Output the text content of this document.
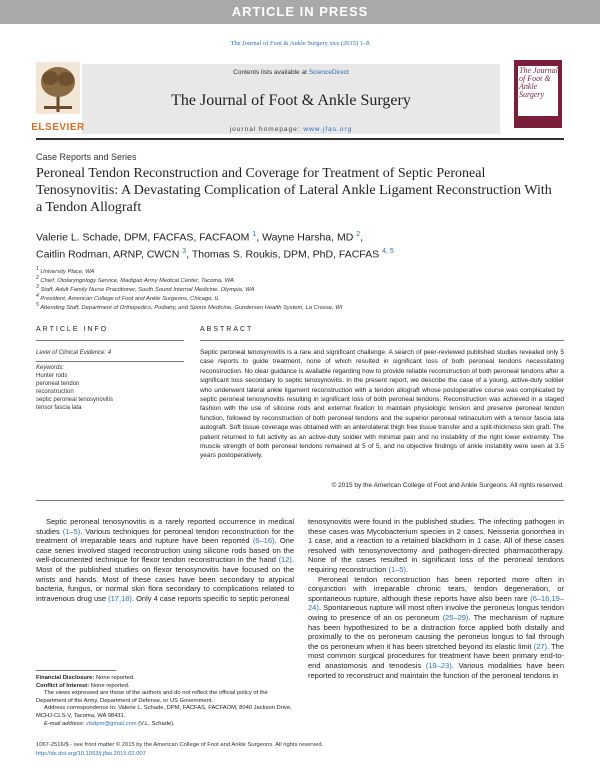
ARTICLE IN PRESS
The Journal of Foot & Ankle Surgery xxx (2015) 1–8
ELSEVIER
Contents lists available at ScienceDirect
The Journal of Foot & Ankle Surgery
journal homepage: www.jfas.org
The Journal of Foot & Ankle Surgery
Case Reports and Series
Peroneal Tendon Reconstruction and Coverage for Treatment of Septic Peroneal Tenosynovitis: A Devastating Complication of Lateral Ankle Ligament Reconstruction With a Tendon Allograft
Valerie L. Schade, DPM, FACFAS, FACFAOM $^1$, Wayne Harsha, MD $^2$,
Caitlin Rodman, ARNP, CWCN $^3$, Thomas S. Roukis, DPM, PhD, FACFAS $^{4, 5}$
$^1$ University Place, WA
$^2$ Chief, Otolaryngology Service, Madigan Army Medical Center, Tacoma, WA
$^3$ Staff, Adult Family Nurse Practitioner, South Sound Internal Medicine, Olympia, WA
$^4$ President, American College of Foot and Ankle Surgeons, Chicago, IL
$^5$ Attending Staff, Department of Orthopedics, Podiatry, and Sports Medicine, Gundersen Health System, La Crosse, WI
ARTICLE INFO	ABSTRACT
Level of Clinical Evidence: 4
Keywords:
Hunter rods
peroneal tendon
reconstruction
septic peroneal tenosynovitis
tensor fascia lata
Septic peroneal tenosynovitis is a rare and significant challenge. A search of peer-reviewed published studies revealed only 5 case reports to guide treatment, none of which resulted in significant loss of both peroneal tendons necessitating reconstruction. No clear guidance is available regarding how to provide reliable reconstruction of both peroneal tendons after a significant loss secondary to septic tenosynovitis. In the present report, we describe the case of a young, active-duty soldier who underwent lateral ankle ligament reconstruction with a tendon allograft whose postoperative course was complicated by septic peroneal tenosynovitis resulting in significant loss of both peroneal tendons. Reconstruction was achieved in a staged fashion with the use of silicone rods and external fixation to maintain physiologic tension and preserve peroneal tendon function, followed by reconstruction of both peroneal tendons and the superior peroneal retinaculum with a tensor fascia lata autograft. Soft tissue coverage was obtained with an anterolateral thigh free tissue transfer and a split-thickness skin graft. The patient returned to full activity as an active-duty soldier with minimal pain and no instability of the right lower extremity. The muscle strength of both peroneal tendons remained at 5 of 5, and no objective findings of ankle instability were seen at 3.5 years postoperatively.
© 2015 by the American College of Foot and Ankle Surgeons. All rights reserved.

Septic peroneal tenosynovitis is a rarely reported occurrence in medical studies (1–5). Various techniques for peroneal tendon reconstruction for the treatment of irreparable tears and rupture have been reported (6–16). One case series involved staged reconstruction using silicone rods based on the well-documented technique for flexor tendon reconstruction in the hand (12). Most of the published studies on flexor tenosynovitis have focused on the wrists and hands. Most of these cases have been secondary to atypical bacteria, fungus, or normal skin flora secondary to complications related to intravenous drug use (17,18). Only 4 case reports specific to septic peroneal

tenosynovitis were found in the published studies. The infecting pathogen in these cases was Mycobacterium species in 2 cases, Neisseria gonorrhea in 1 case, and a reaction to a retained blackthorn in 1 case. All of these cases resolved with tenosynovectomy and pathogen-directed pharmacotherapy. None of the cases resulted in significant loss of the peroneal tendons requiring reconstruction (1–5).

Peroneal tendon reconstruction has been reported more often in conjunction with irreparable chronic tears, tendon degeneration, or spontaneous rupture, although these reports have also been rare (6–16,19–24). Spontaneous rupture will most often involve the peroneus longus tendon owing to presence of an os peroneum (25–29). The mechanism of rupture has been hypothesized to be a distraction force applied both distally and proximally to the os peroneum causing the peroneus longus to fail through the os peroneum when it has been stretched beyond its elastic limit (27). The most common surgical procedures for treatment have been primary end-to-end anastomosis and tenodesis (19–23). Various modalities have been reported to reconstruct and maintain the function of the peroneal tendons in

Financial Disclosure: None reported.
Conflict of Interest: None reported.
The views expressed are those of the authors and do not reflect the official policy of the Department of the Army, Department of Defense, or US Government.
Address correspondence to: Valerie L. Schade, DPM, FACFAS, FACFAOM, 8040 Jackson Drive, MCHJ-CLS-V, Tacoma, WA 98431.
E-mail address: vlsdpm@gmail.com (V.L. Schade).
1067-2516/$ - see front matter © 2015 by the American College of Foot and Ankle Surgeons. All rights reserved.
http://dx.doi.org/10.1053/j.jfas.2015.02.007
